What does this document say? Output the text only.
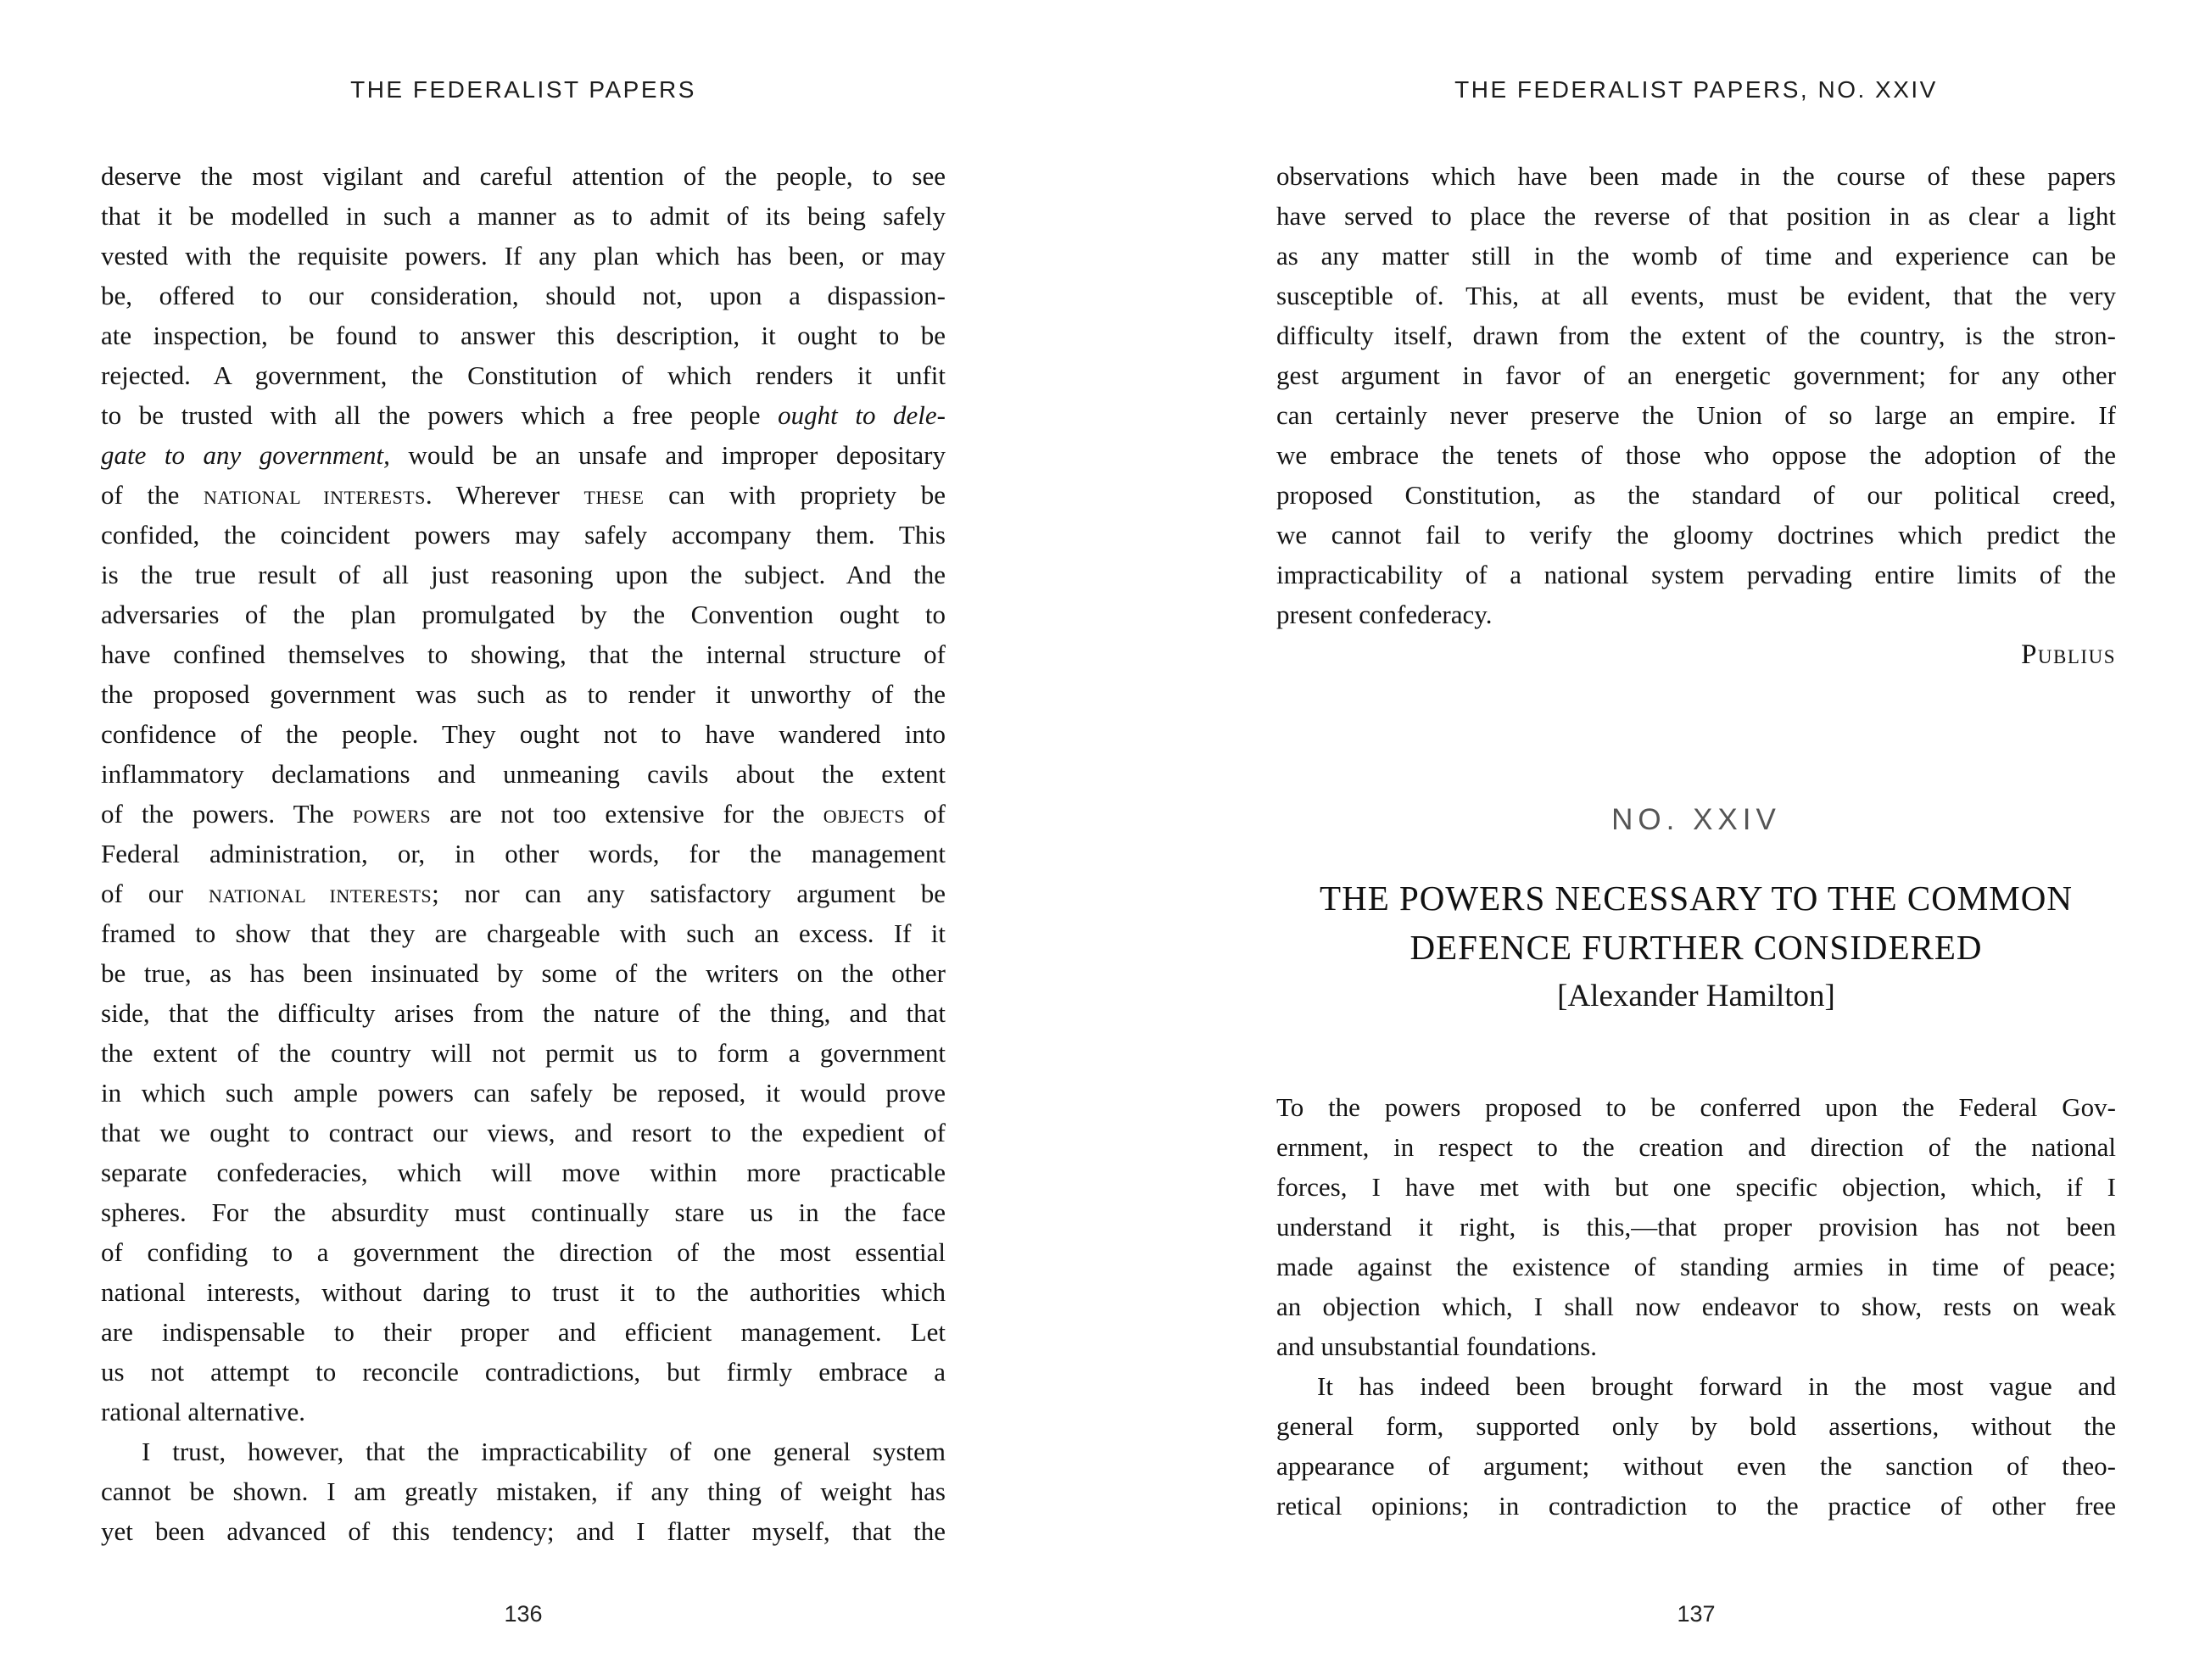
THE FEDERALIST PAPERS
deserve the most vigilant and careful attention of the people, to see
that it be modelled in such a manner as to admit of its being safely
vested with the requisite powers. If any plan which has been, or may
be, offered to our consideration, should not, upon a dispassion-
ate inspection, be found to answer this description, it ought to be
rejected. A government, the Constitution of which renders it unfit
to be trusted with all the powers which a free people ought to dele-
gate to any government, would be an unsafe and improper depositary
of the NATIONAL INTERESTS. Wherever THESE can with propriety be
confided, the coincident powers may safely accompany them. This
is the true result of all just reasoning upon the subject. And the
adversaries of the plan promulgated by the Convention ought to
have confined themselves to showing, that the internal structure of
the proposed government was such as to render it unworthy of the
confidence of the people. They ought not to have wandered into
inflammatory declamations and unmeaning cavils about the extent
of the powers. The POWERS are not too extensive for the OBJECTS of
Federal administration, or, in other words, for the management
of our NATIONAL INTERESTS; nor can any satisfactory argument be
framed to show that they are chargeable with such an excess. If it
be true, as has been insinuated by some of the writers on the other
side, that the difficulty arises from the nature of the thing, and that
the extent of the country will not permit us to form a government
in which such ample powers can safely be reposed, it would prove
that we ought to contract our views, and resort to the expedient of
separate confederacies, which will move within more practicable
spheres. For the absurdity must continually stare us in the face
of confiding to a government the direction of the most essential
national interests, without daring to trust it to the authorities which
are indispensable to their proper and efficient management. Let
us not attempt to reconcile contradictions, but firmly embrace a
rational alternative.
I trust, however, that the impracticability of one general system
cannot be shown. I am greatly mistaken, if any thing of weight has
yet been advanced of this tendency; and I flatter myself, that the
136
THE FEDERALIST PAPERS, NO. XXIV
observations which have been made in the course of these papers
have served to place the reverse of that position in as clear a light
as any matter still in the womb of time and experience can be
susceptible of. This, at all events, must be evident, that the very
difficulty itself, drawn from the extent of the country, is the stron-
gest argument in favor of an energetic government; for any other
can certainly never preserve the Union of so large an empire. If
we embrace the tenets of those who oppose the adoption of the
proposed Constitution, as the standard of our political creed,
we cannot fail to verify the gloomy doctrines which predict the
impracticability of a national system pervading entire limits of the
present confederacy.
Publius
NO. XXIV
THE POWERS NECESSARY TO THE COMMON
DEFENCE FURTHER CONSIDERED
[Alexander Hamilton]
To the powers proposed to be conferred upon the Federal Gov-
ernment, in respect to the creation and direction of the national
forces, I have met with but one specific objection, which, if I
understand it right, is this,—that proper provision has not been
made against the existence of standing armies in time of peace;
an objection which, I shall now endeavor to show, rests on weak
and unsubstantial foundations.
It has indeed been brought forward in the most vague and
general form, supported only by bold assertions, without the
appearance of argument; without even the sanction of theo-
retical opinions; in contradiction to the practice of other free
137
